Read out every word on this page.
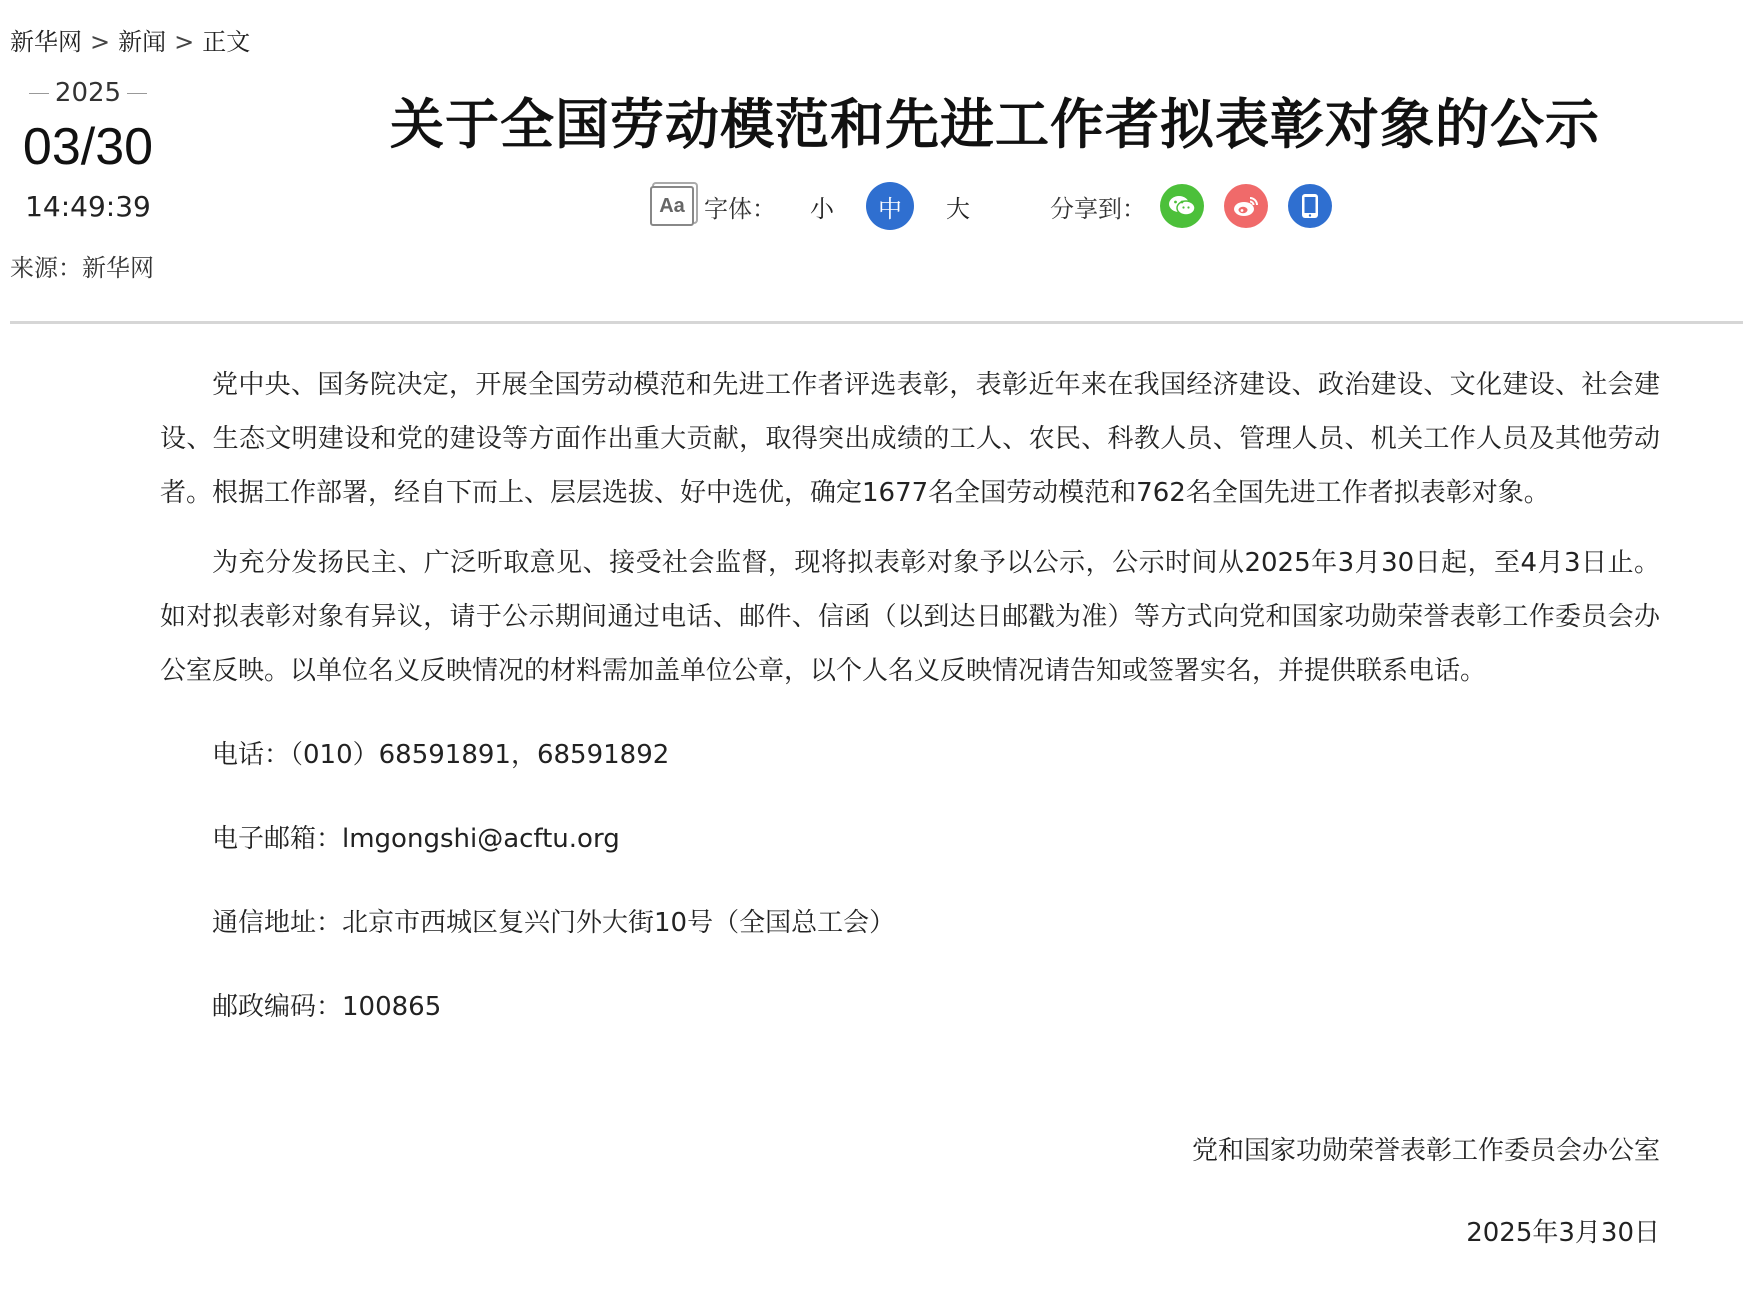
新华网 > 新闻 > 正文
2025
03/30
14:49:39
来源：新华网
关于全国劳动模范和先进工作者拟表彰对象的公示
Aa 字体：	小	中	大	分享到：

党中央、国务院决定，开展全国劳动模范和先进工作者评选表彰，表彰近年来在我国经济建设、政治建设、文化建设、社会建设、生态文明建设和党的建设等方面作出重大贡献，取得突出成绩的工人、农民、科教人员、管理人员、机关工作人员及其他劳动者。根据工作部署，经自下而上、层层选拔、好中选优，确定1677名全国劳动模范和762名全国先进工作者拟表彰对象。

为充分发扬民主、广泛听取意见、接受社会监督，现将拟表彰对象予以公示，公示时间从2025年3月30日起，至4月3日止。如对拟表彰对象有异议，请于公示期间通过电话、邮件、信函（以到达日邮戳为准）等方式向党和国家功勋荣誉表彰工作委员会办公室反映。以单位名义反映情况的材料需加盖单位公章，以个人名义反映情况请告知或签署实名，并提供联系电话。

电话：（010）68591891，68591892

电子邮箱：lmgongshi@acftu.org

通信地址：北京市西城区复兴门外大街10号（全国总工会）

邮政编码：100865

党和国家功勋荣誉表彰工作委员会办公室
2025年3月30日
